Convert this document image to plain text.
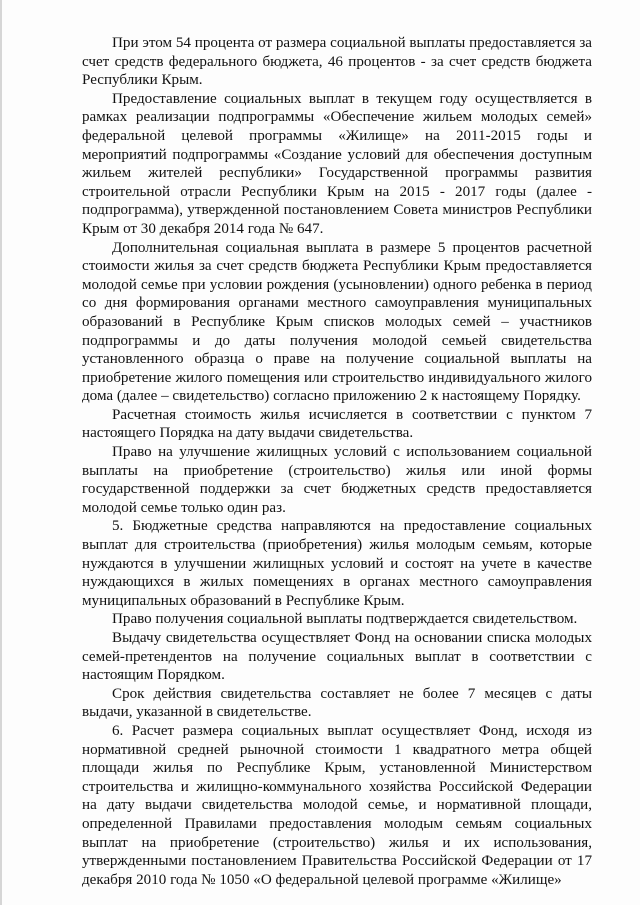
При этом 54 процента от размера социальной выплаты предоставляется за счет средств федерального бюджета, 46 процентов - за счет средств бюджета Республики Крым.

Предоставление социальных выплат в текущем году осуществляется в рамках реализации подпрограммы «Обеспечение жильем молодых семей» федеральной целевой программы «Жилище» на 2011-2015 годы и мероприятий подпрограммы «Создание условий для обеспечения доступным жильем жителей республики» Государственной программы развития строительной отрасли Республики Крым на 2015 - 2017 годы (далее - подпрограмма), утвержденной постановлением Совета министров Республики Крым от 30 декабря 2014 года № 647.

Дополнительная социальная выплата в размере 5 процентов расчетной стоимости жилья за счет средств бюджета Республики Крым предоставляется молодой семье при условии рождения (усыновлении) одного ребенка в период со дня формирования органами местного самоуправления муниципальных образований в Республике Крым списков молодых семей – участников подпрограммы и до даты получения молодой семьей свидетельства установленного образца о праве на получение социальной выплаты на приобретение жилого помещения или строительство индивидуального жилого дома (далее – свидетельство) согласно приложению 2 к настоящему Порядку.

Расчетная стоимость жилья исчисляется в соответствии с пунктом 7 настоящего Порядка на дату выдачи свидетельства.

Право на улучшение жилищных условий с использованием социальной выплаты на приобретение (строительство) жилья или иной формы государственной поддержки за счет бюджетных средств предоставляется молодой семье только один раз.

5. Бюджетные средства направляются на предоставление социальных выплат для строительства (приобретения) жилья молодым семьям, которые нуждаются в улучшении жилищных условий и состоят на учете в качестве нуждающихся в жилых помещениях в органах местного самоуправления муниципальных образований в Республике Крым.

Право получения социальной выплаты подтверждается свидетельством.

Выдачу свидетельства осуществляет Фонд на основании списка молодых семей-претендентов на получение социальных выплат в соответствии с настоящим Порядком.

Срок действия свидетельства составляет не более 7 месяцев с даты выдачи, указанной в свидетельстве.

6. Расчет размера социальных выплат осуществляет Фонд, исходя из нормативной средней рыночной стоимости 1 квадратного метра общей площади жилья по Республике Крым, установленной Министерством строительства и жилищно-коммунального хозяйства Российской Федерации на дату выдачи свидетельства молодой семье, и нормативной площади, определенной Правилами предоставления молодым семьям социальных выплат на приобретение (строительство) жилья и их использования, утвержденными постановлением Правительства Российской Федерации от 17 декабря 2010 года № 1050 «О федеральной целевой программе «Жилище»
